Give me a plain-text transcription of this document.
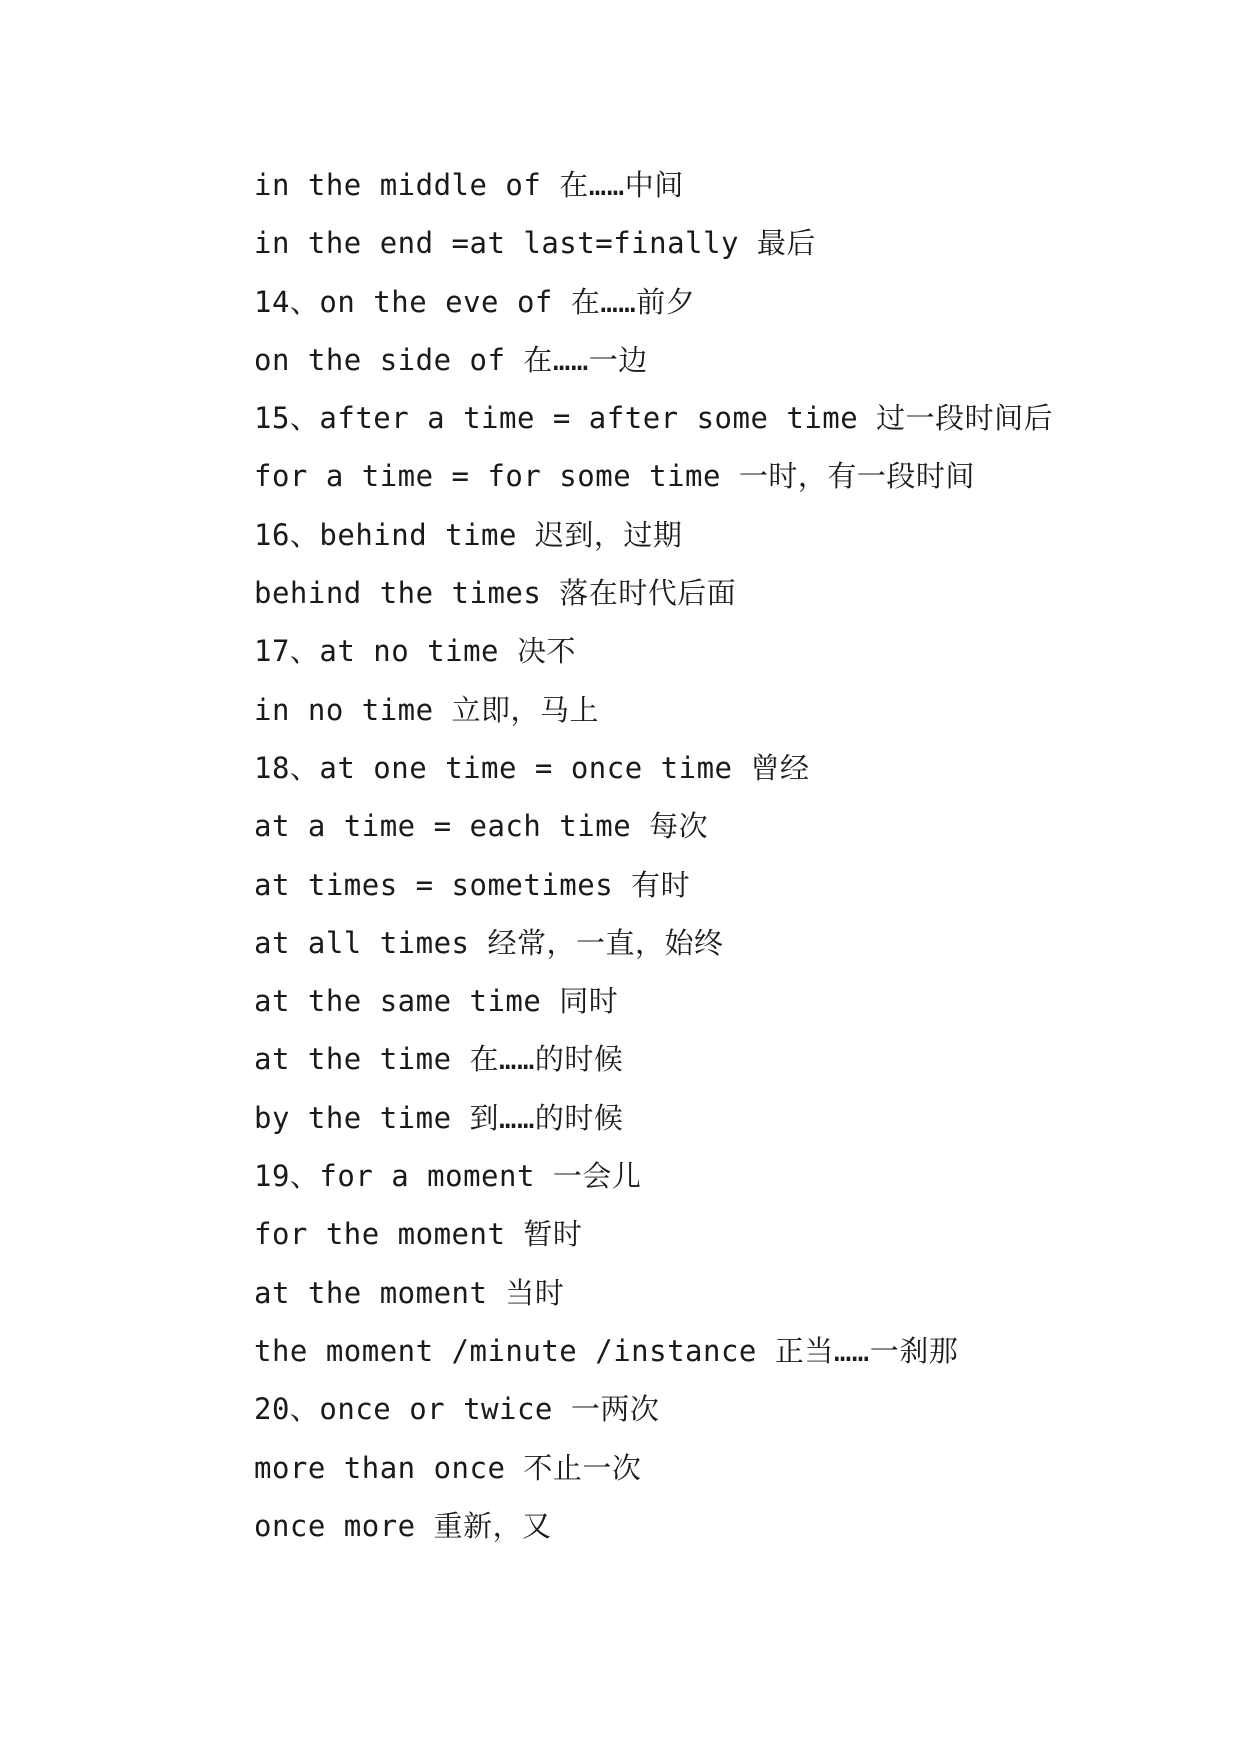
in the middle of 在……中间
in the end =at last=finally 最后
14、on the eve of 在……前夕
on the side of 在……一边
15、after a time = after some time 过一段时间后
for a time = for some time 一时，有一段时间
16、behind time 迟到，过期
behind the times 落在时代后面
17、at no time 决不
in no time 立即，马上
18、at one time = once time 曾经
at a time = each time 每次
at times = sometimes 有时
at all times 经常，一直，始终
at the same time 同时
at the time 在……的时候
by the time 到……的时候
19、for a moment 一会儿
for the moment 暂时
at the moment 当时
the moment /minute /instance 正当……一刹那
20、once or twice 一两次
more than once 不止一次
once more 重新，又
